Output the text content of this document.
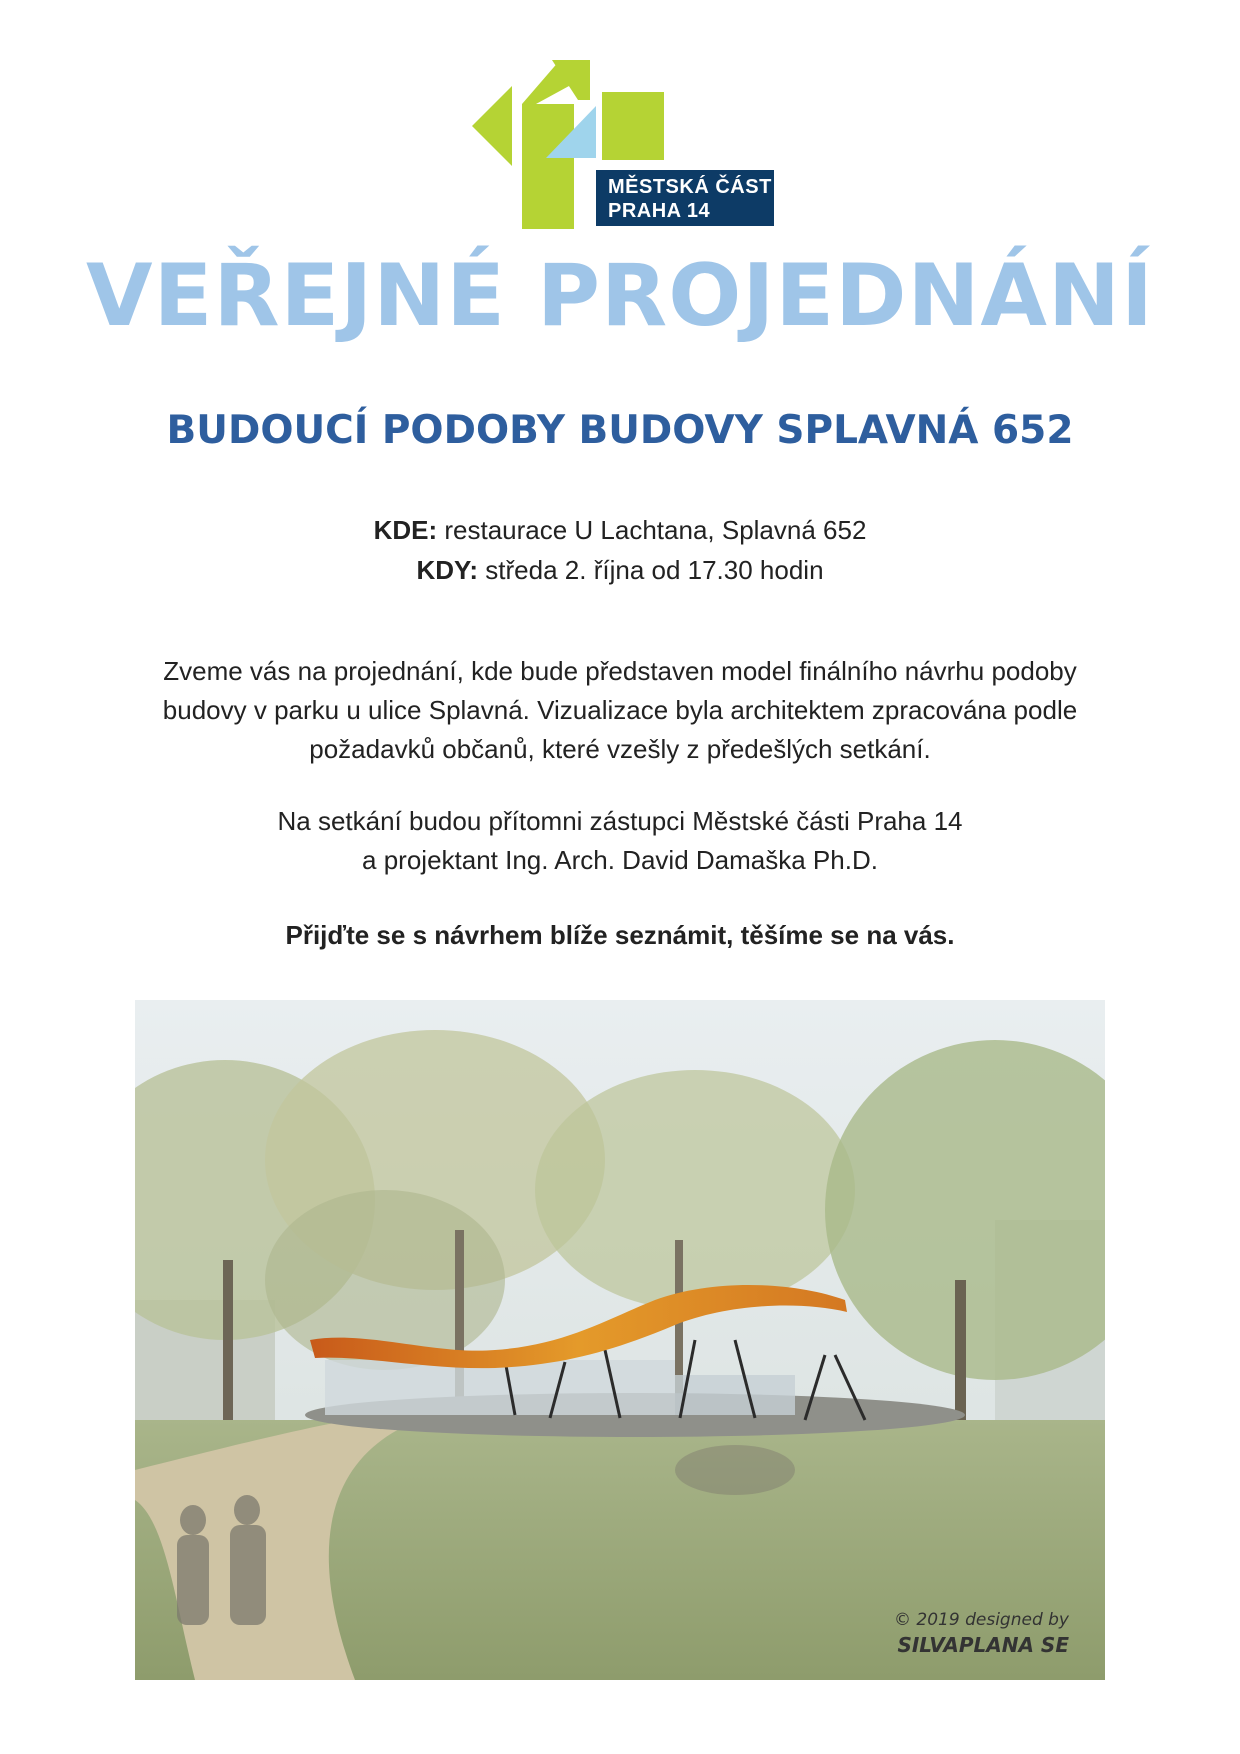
MĚSTSKÁ ČÁST
PRAHA 14
VEŘEJNÉ PROJEDNÁNÍ
BUDOUCÍ PODOBY BUDOVY SPLAVNÁ 652
KDE: restaurace U Lachtana, Splavná 652
KDY: středa 2. října od 17.30 hodin
Zveme vás na projednání, kde bude představen model finálního návrhu podoby
budovy v parku u ulice Splavná. Vizualizace byla architektem zpracována podle
požadavků občanů, které vzešly z předešlých setkání.
Na setkání budou přítomni zástupci Městské části Praha 14
a projektant Ing. Arch. David Damaška Ph.D.
Přijďte se s návrhem blíže seznámit, těšíme se na vás.
© 2019 designed by
SILVAPLANA SE
